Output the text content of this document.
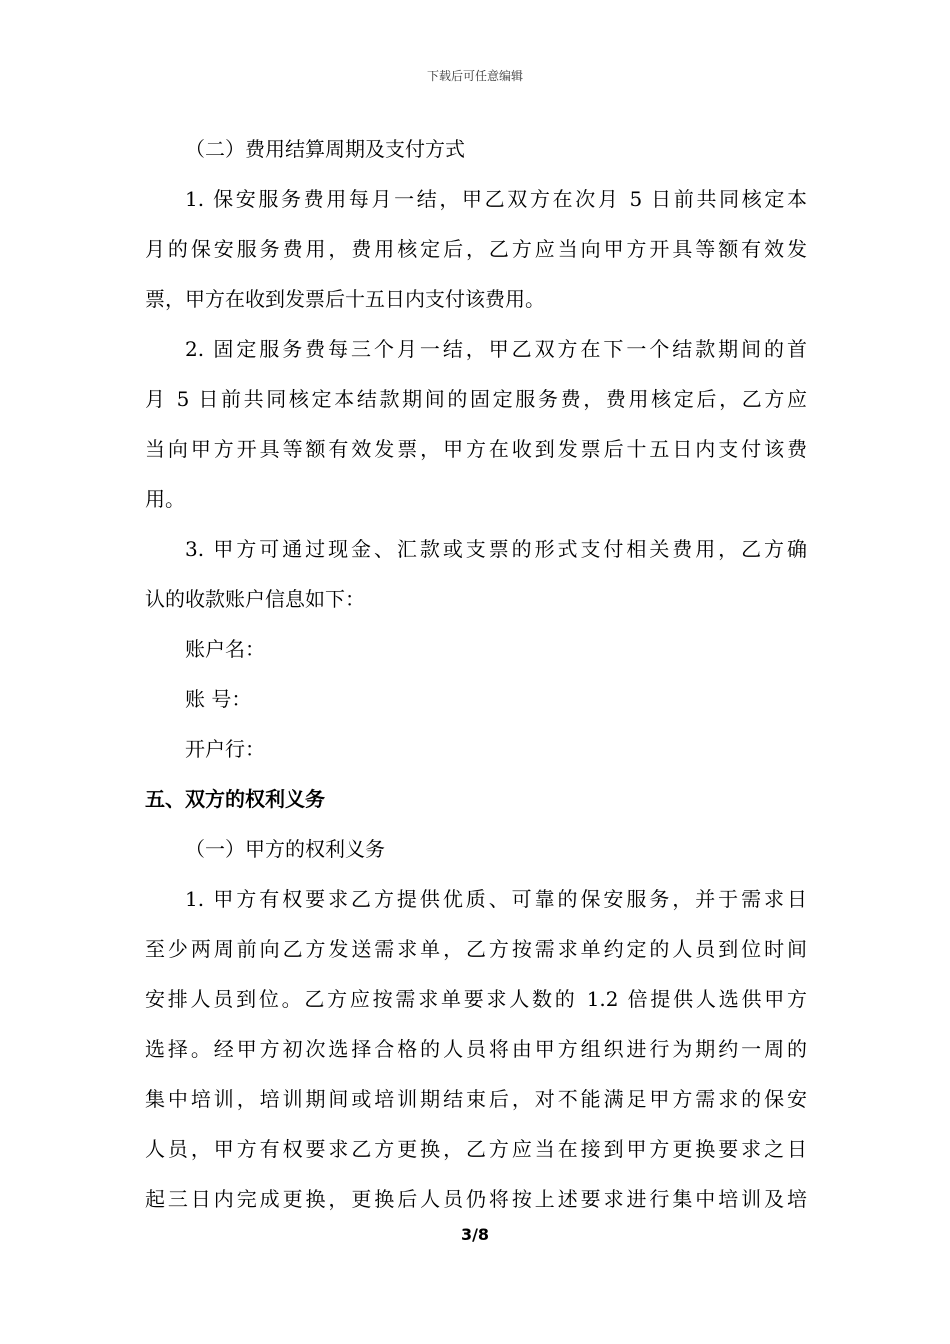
下载后可任意编辑
（二）费用结算周期及支付方式
1. 保安服务费用每月一结，甲乙双方在次月 5 日前共同核定本
月的保安服务费用，费用核定后，乙方应当向甲方开具等额有效发
票，甲方在收到发票后十五日内支付该费用。
2. 固定服务费每三个月一结，甲乙双方在下一个结款期间的首
月 5 日前共同核定本结款期间的固定服务费，费用核定后，乙方应
当向甲方开具等额有效发票，甲方在收到发票后十五日内支付该费
用。
3. 甲方可通过现金、汇款或支票的形式支付相关费用，乙方确
认的收款账户信息如下：
账户名：
账 号：
开户行：
五、双方的权利义务
（一）甲方的权利义务
1. 甲方有权要求乙方提供优质、可靠的保安服务，并于需求日
至少两周前向乙方发送需求单，乙方按需求单约定的人员到位时间
安排人员到位。乙方应按需求单要求人数的 1.2 倍提供人选供甲方
选择。经甲方初次选择合格的人员将由甲方组织进行为期约一周的
集中培训，培训期间或培训期结束后，对不能满足甲方需求的保安
人员，甲方有权要求乙方更换，乙方应当在接到甲方更换要求之日
起三日内完成更换，更换后人员仍将按上述要求进行集中培训及培
3/8
